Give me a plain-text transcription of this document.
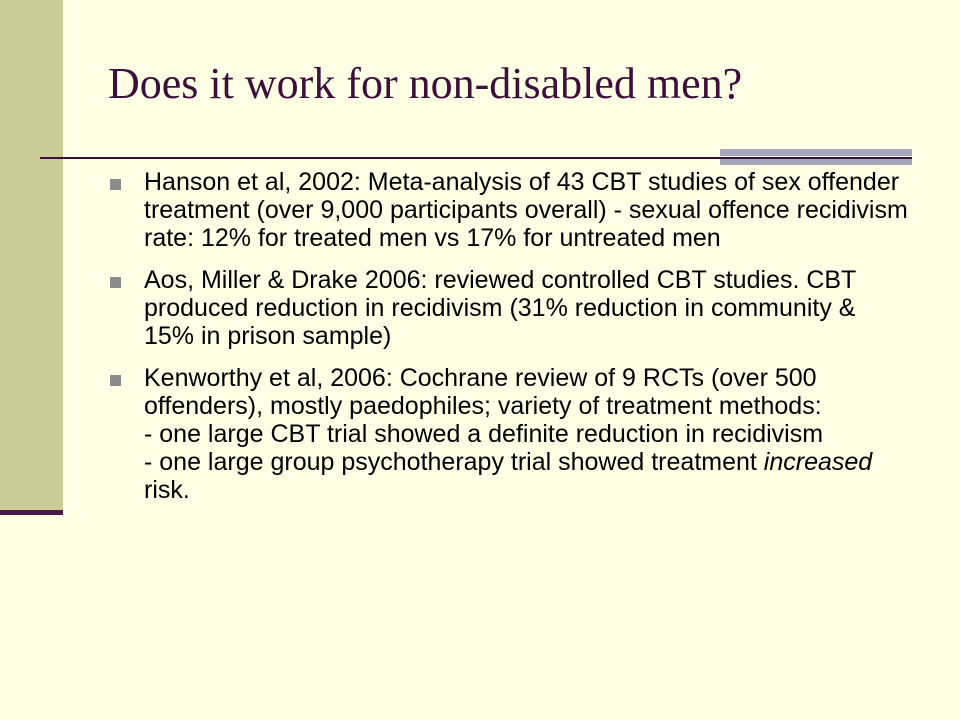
Does it work for non-disabled men?
Hanson et al, 2002: Meta-analysis of 43 CBT studies of sex offender treatment (over 9,000 participants overall) - sexual offence recidivism rate: 12% for treated men vs 17% for untreated men
Aos, Miller & Drake 2006: reviewed controlled CBT studies. CBT produced reduction in recidivism (31% reduction in community & 15% in prison sample)
Kenworthy et al, 2006: Cochrane review of 9 RCTs (over 500 offenders), mostly paedophiles; variety of treatment methods:
- one large CBT trial showed a definite reduction in recidivism
- one large group psychotherapy trial showed treatment increased risk.
